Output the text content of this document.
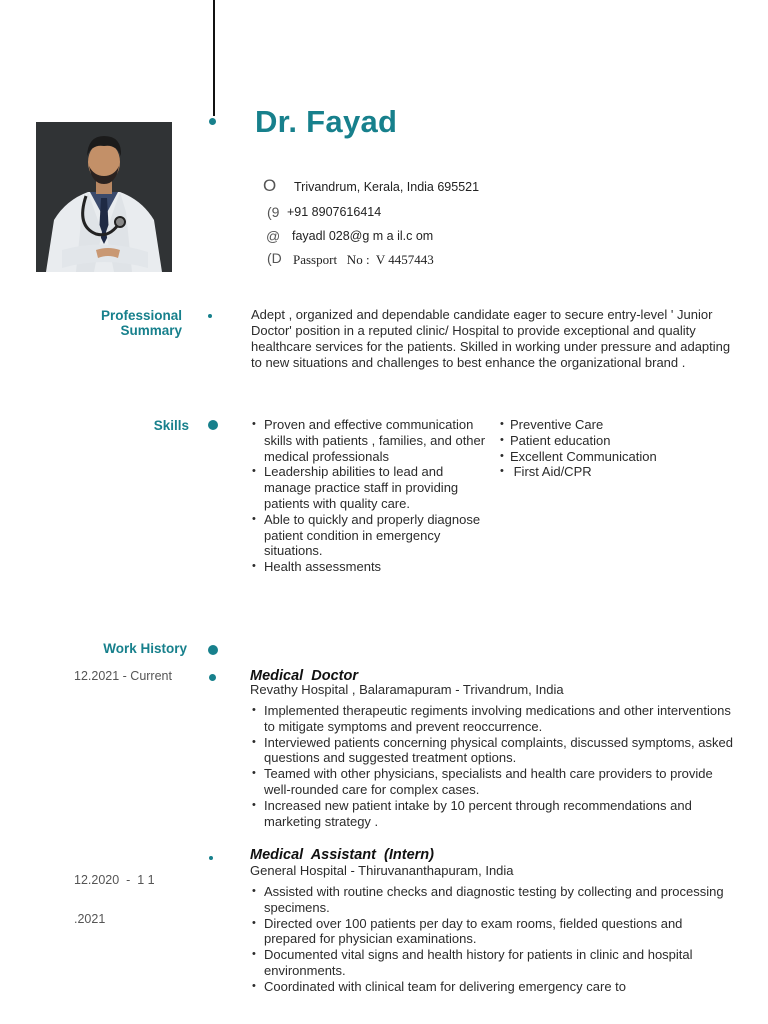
Dr. Fayad
O Trivandrum, Kerala, India 695521
(9 +91 8907616414
@ fayadl 028@g m a il.c om
(D Passport   No :  V 4457443
Professional
Summary
Adept , organized and dependable candidate eager to secure entry-level ' Junior Doctor' position in a reputed clinic/ Hospital to provide exceptional and quality healthcare services for the patients. Skilled in working under pressure and adapting to new situations and challenges to best enhance the organizational brand .
Skills
•	Proven and effective communication skills with patients , families, and other medical professionals
• Leadership abilities to lead and manage practice staff in providing patients with quality care.
• Able to quickly and properly diagnose patient condition in emergency situations.
• Health assessments
• Preventive Care
• Patient education
• Excellent Communication
•  First Aid/CPR
Work History
12.2021 - Current	Medical  Doctor
Revathy Hospital , Balaramapuram - Trivandrum, India
• Implemented therapeutic regiments involving medications and other interventions to mitigate symptoms and prevent reoccurrence.
• Interviewed patients concerning physical complaints, discussed symptoms, asked questions and suggested treatment options.
• Teamed with other physicians, specialists and health care providers to provide well-rounded care for complex cases.
• Increased new patient intake by 10 percent through recommendations and marketing strategy .

12.2020  -  1 1

.2021

Medical  Assistant  (Intern)
General Hospital - Thiruvananthapuram, India
• Assisted with routine checks and diagnostic testing by collecting and processing specimens.
• Directed over 100 patients per day to exam rooms, fielded questions and prepared for physician examinations.
• Documented vital signs and health history for patients in clinic and hospital environments.
• Coordinated with clinical team for delivering emergency care to
